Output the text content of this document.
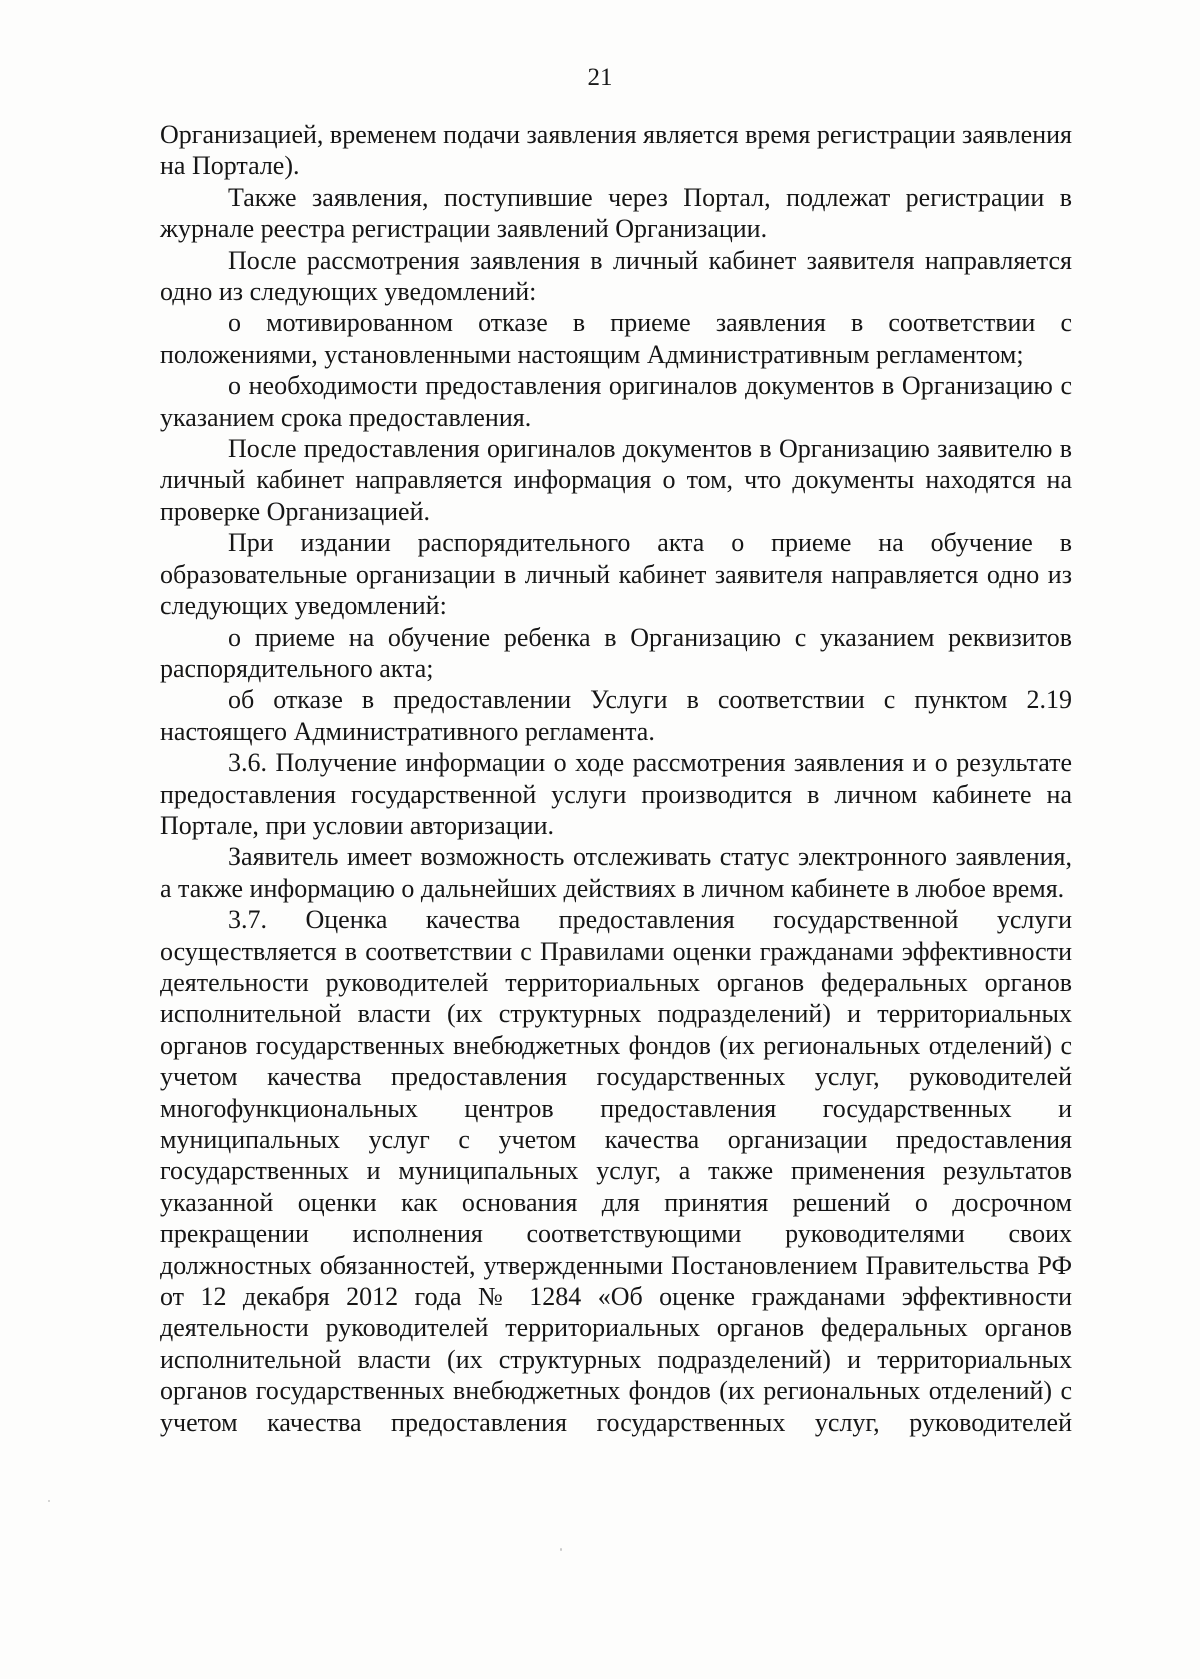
21

Организацией, временем подачи заявления является время регистрации заявления на Портале).

Также заявления, поступившие через Портал, подлежат регистрации в журнале реестра регистрации заявлений Организации.

После рассмотрения заявления в личный кабинет заявителя направляется одно из следующих уведомлений:

о мотивированном отказе в приеме заявления в соответствии с положениями, установленными настоящим Административным регламентом;

о необходимости предоставления оригиналов документов в Организацию с указанием срока предоставления.

После предоставления оригиналов документов в Организацию заявителю в личный кабинет направляется информация о том, что документы находятся на проверке Организацией.

При издании распорядительного акта о приеме на обучение в образовательные организации в личный кабинет заявителя направляется одно из следующих уведомлений:

о приеме на обучение ребенка в Организацию с указанием реквизитов распорядительного акта;

об отказе в предоставлении Услуги в соответствии с пунктом 2.19 настоящего Административного регламента.

3.6. Получение информации о ходе рассмотрения заявления и о результате предоставления государственной услуги производится в личном кабинете на Портале, при условии авторизации.

Заявитель имеет возможность отслеживать статус электронного заявления, а также информацию о дальнейших действиях в личном кабинете в любое время.

3.7. Оценка качества предоставления государственной услуги осуществляется в соответствии с Правилами оценки гражданами эффективности деятельности руководителей территориальных органов федеральных органов исполнительной власти (их структурных подразделений) и территориальных органов государственных внебюджетных фондов (их региональных отделений) с учетом качества предоставления государственных услуг, руководителей многофункциональных центров предоставления государственных и муниципальных услуг с учетом качества организации предоставления государственных и муниципальных услуг, а также применения результатов указанной оценки как основания для принятия решений о досрочном прекращении исполнения соответствующими руководителями своих должностных обязанностей, утвержденными Постановлением Правительства РФ от 12 декабря 2012 года № 1284 «Об оценке гражданами эффективности деятельности руководителей территориальных органов федеральных органов исполнительной власти (их структурных подразделений) и территориальных органов государственных внебюджетных фондов (их региональных отделений) с учетом качества предоставления государственных услуг, руководителей
